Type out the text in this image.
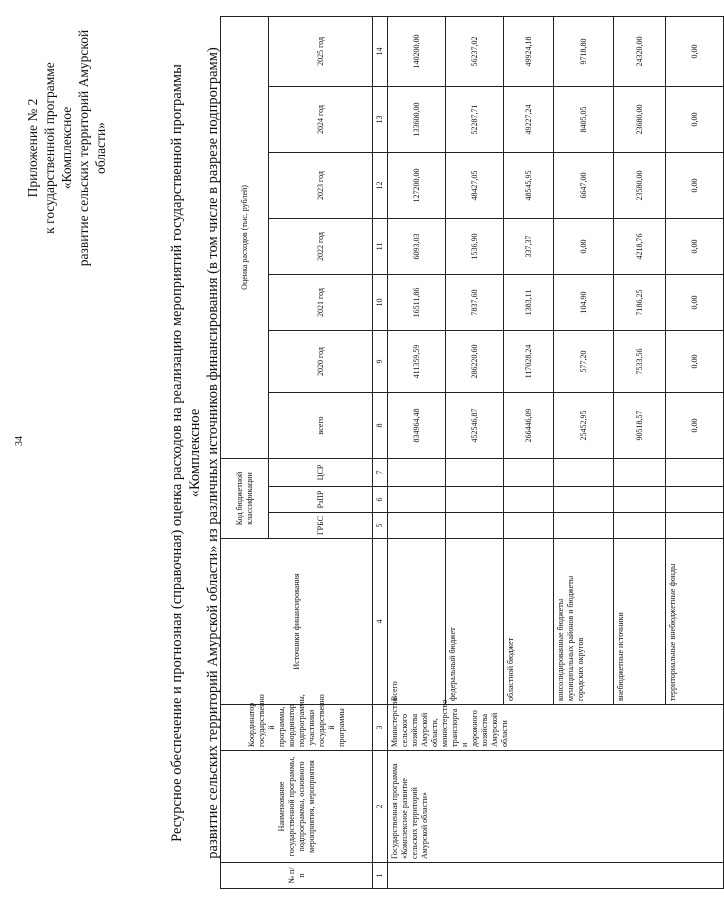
34
Приложение № 2 к государственной программе «Комплексное развитие сельских территорий Амурской области»	Ресурсное обеспечение и прогнозная (справочная) оценка расходов на реализацию мероприятий государственной программы «Комплексное развитие сельских территорий Амурской области» из различных источников финансирования (в том числе в разрезе подпрограмм)
№ п/п	Наименование государственной программы, подпрограммы, основного мероприятия, мероприятия	Координатор государственно й программы, координатор подпрограммы, участники государственно й программы	Источники финансирования	Код бюджетной классификации			Оценка расходов (тыс. рублей)						
				ГРБС	РзПР	ЦСР	всего	2020 год	2021 год	2022 год	2023 год	2024 год	2025 год
1	2	3	4	5	6	7	8	9	10	11	12	13	14
	Государственная программа «Комплексное развитие сельских территорий Амурской области»	Министерство сельского хозяйства Амурской области, министерство транспорта и дорожного хозяйства Амурской области	Всего				834964,48	411359,59	16511,86	6093,03	127200,00	133600,00	140200,00
			федеральный бюджет				452546,87	286220,60	7837,60	1536,90	48427,05	52287,71	56237,02
			областной бюджет				266446,09	117028,24	1383,11	337,37	48545,95	49227,24	49924,18
			консолидированные бюджеты муниципальных районов и бюджеты городских округов				25452,95	577,20	104,90	0,00	6647,00	8405,05	9718,80
			внебюджетные источники				90518,57	7533,56	7186,25	4218,76	23580,00	23680,00	24320,00
			территориальные внебюджетные фонды				0,00	0,00	0,00	0,00	0,00	0,00	0,00
